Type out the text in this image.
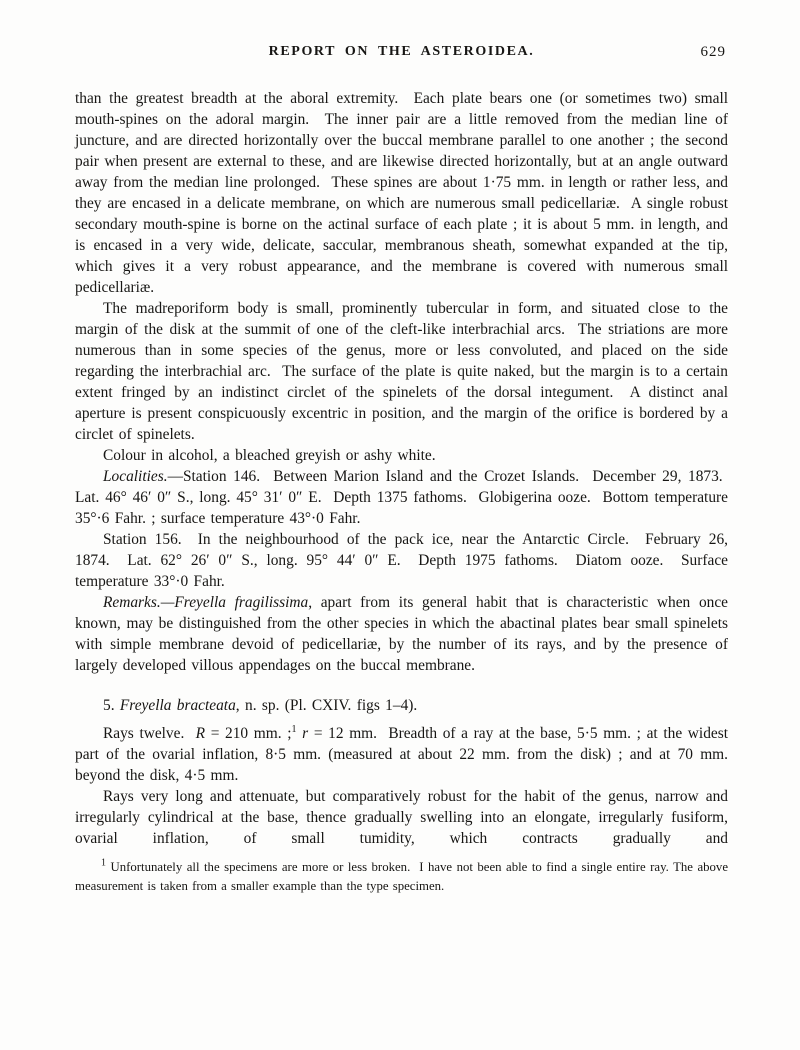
REPORT ON THE ASTEROIDEA.	629

than the greatest breadth at the aboral extremity.  Each plate bears one (or sometimes two) small mouth-spines on the adoral margin.  The inner pair are a little removed from the median line of juncture, and are directed horizontally over the buccal membrane parallel to one another ; the second pair when present are external to these, and are likewise directed horizontally, but at an angle outward away from the median line prolonged.  These spines are about 1·75 mm. in length or rather less, and they are encased in a delicate membrane, on which are numerous small pedicellariæ.  A single robust secondary mouth-spine is borne on the actinal surface of each plate ; it is about 5 mm. in length, and is encased in a very wide, delicate, saccular, membranous sheath, somewhat expanded at the tip, which gives it a very robust appearance, and the membrane is covered with numerous small pedicellariæ.

The madreporiform body is small, prominently tubercular in form, and situated close to the margin of the disk at the summit of one of the cleft-like interbrachial arcs.  The striations are more numerous than in some species of the genus, more or less convoluted, and placed on the side regarding the interbrachial arc.  The surface of the plate is quite naked, but the margin is to a certain extent fringed by an indistinct circlet of the spinelets of the dorsal integument.  A distinct anal aperture is present conspicuously excentric in position, and the margin of the orifice is bordered by a circlet of spinelets.

Colour in alcohol, a bleached greyish or ashy white.

Localities.—Station 146.  Between Marion Island and the Crozet Islands.  December 29, 1873.  Lat. 46° 46′ 0″ S., long. 45° 31′ 0″ E.  Depth 1375 fathoms.  Globigerina ooze.  Bottom temperature 35°·6 Fahr. ; surface temperature 43°·0 Fahr.

Station 156.  In the neighbourhood of the pack ice, near the Antarctic Circle.  February 26, 1874.  Lat. 62° 26′ 0″ S., long. 95° 44′ 0″ E.  Depth 1975 fathoms.  Diatom ooze.  Surface temperature 33°·0 Fahr.

Remarks.—Freyella fragilissima, apart from its general habit that is characteristic when once known, may be distinguished from the other species in which the abactinal plates bear small spinelets with simple membrane devoid of pedicellariæ, by the number of its rays, and by the presence of largely developed villous appendages on the buccal membrane.

5. Freyella bracteata, n. sp. (Pl. CXIV. figs 1–4).

Rays twelve.  R = 210 mm. ;$^1$ r = 12 mm.  Breadth of a ray at the base, 5·5 mm. ; at the widest part of the ovarial inflation, 8·5 mm. (measured at about 22 mm. from the disk) ; and at 70 mm. beyond the disk, 4·5 mm.

Rays very long and attenuate, but comparatively robust for the habit of the genus, narrow and irregularly cylindrical at the base, thence gradually swelling into an elongate, irregularly fusiform, ovarial inflation, of small tumidity, which contracts gradually and

$^1$ Unfortunately all the specimens are more or less broken.  I have not been able to find a single entire ray. The above measurement is taken from a smaller example than the type specimen.
